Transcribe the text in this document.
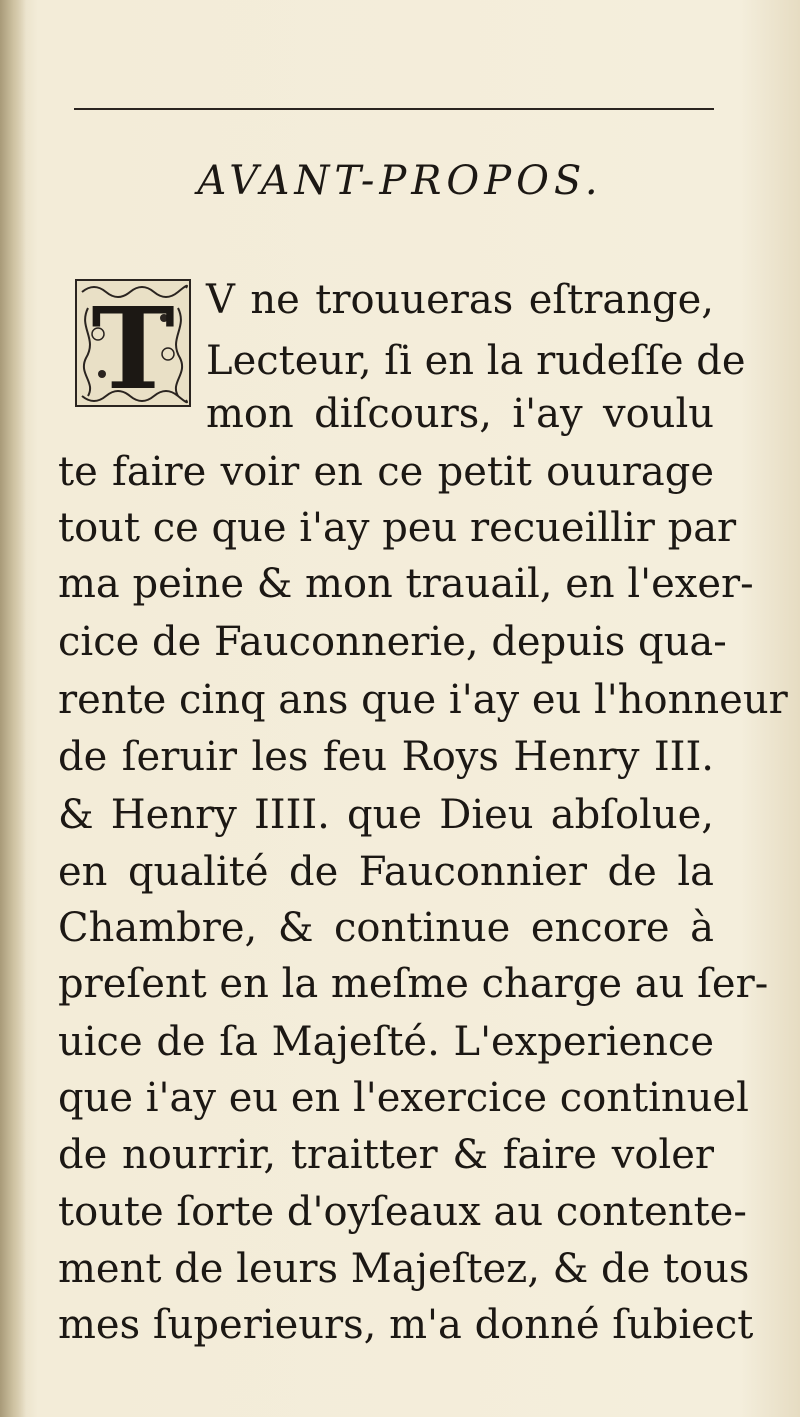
AVANT-PROPOS.
T V ne trouueras eſtrange,
Lecteur, ſi en la rudeſſe de
mon diſcours, i'ay voulu
te faire voir en ce petit ouurage
tout ce que i'ay peu recueillir par
ma peine & mon trauail, en l'exer-
cice de Fauconnerie, depuis qua-
rente cinq ans que i'ay eu l'honneur
de ſeruir les feu Roys Henry III.
& Henry IIII. que Dieu abſolue,
en qualité de Fauconnier de la
Chambre, & continue encore à
preſent en la meſme charge au ſer-
uice de ſa Majeſté. L'experience
que i'ay eu en l'exercice continuel
de nourrir, traitter & faire voler
toute ſorte d'oyſeaux au contente-
ment de leurs Majeſtez, & de tous
mes ſuperieurs, m'a donné ſubiect
